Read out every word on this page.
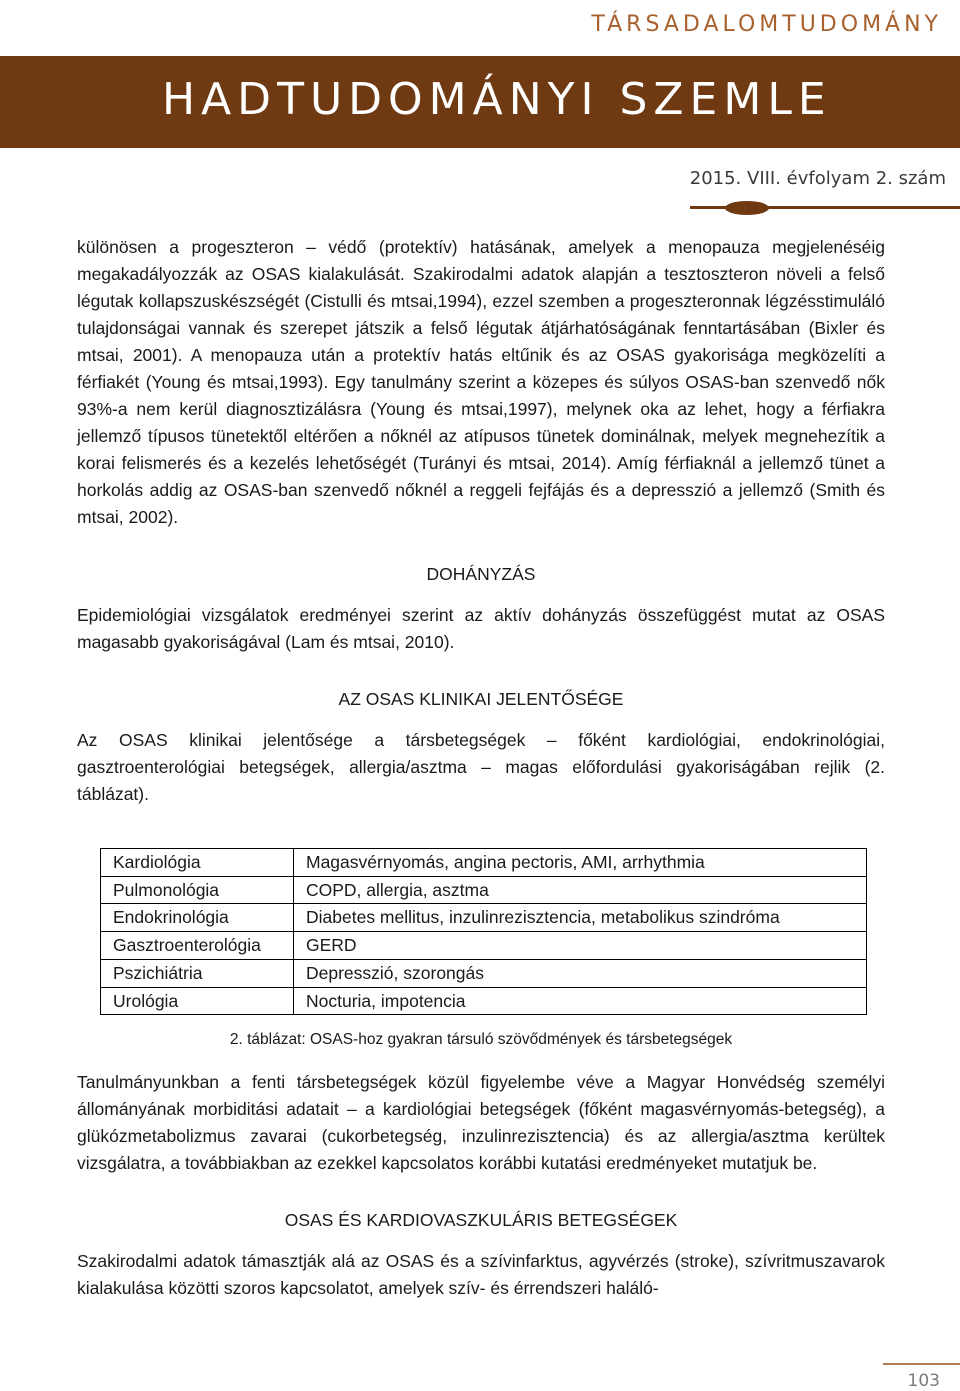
TÁRSADALOMTUDOMÁNY
HADTUDOMÁNYI SZEMLE
2015. VIII. évfolyam 2. szám

különösen a progeszteron – védő (protektív) hatásának, amelyek a menopauza megjelenéséig megakadályozzák az OSAS kialakulását. Szakirodalmi adatok alapján a tesztoszteron növeli a felső légutak kollapszuskészségét (Cistulli és mtsai,1994), ezzel szemben a progeszteronnak légzésstimuláló tulajdonságai vannak és szerepet játszik a felső légutak átjárhatóságának fenntartásában (Bixler és mtsai, 2001). A menopauza után a protektív hatás eltűnik és az OSAS gyakorisága megközelíti a férfiakét (Young és mtsai,1993). Egy tanulmány szerint a közepes és súlyos OSAS-ban szenvedő nők 93%-a nem kerül diagnosztizálásra (Young és mtsai,1997), melynek oka az lehet, hogy a férfiakra jellemző típusos tünetektől eltérően a nőknél az atípusos tünetek dominálnak, melyek megnehezítik a korai felismerés és a kezelés lehetőségét (Turányi és mtsai, 2014). Amíg férfiaknál a jellemző tünet a horkolás addig az OSAS-ban szenvedő nőknél a reggeli fejfájás és a depresszió a jellemző (Smith és mtsai, 2002).

DOHÁNYZÁS

Epidemiológiai vizsgálatok eredményei szerint az aktív dohányzás összefüggést mutat az OSAS magasabb gyakoriságával (Lam és mtsai, 2010).

AZ OSAS KLINIKAI JELENTŐSÉGE

Az OSAS klinikai jelentősége a társbetegségek – főként kardiológiai, endokrinológiai, gasztroenterológiai betegségek, allergia/asztma – magas előfordulási gyakoriságában rejlik (2. táblázat).

Kardiológia	Magasvérnyomás, angina pectoris, AMI, arrhythmia
Pulmonológia	COPD, allergia, asztma
Endokrinológia	Diabetes mellitus, inzulinrezisztencia, metabolikus szindróma
Gasztroenterológia	GERD
Pszichiátria	Depresszió, szorongás
Urológia	Nocturia, impotencia

2. táblázat: OSAS-hoz gyakran társuló szövődmények és társbetegségek

Tanulmányunkban a fenti társbetegségek közül figyelembe véve a Magyar Honvédség személyi állományának morbiditási adatait – a kardiológiai betegségek (főként magasvérnyomás-betegség), a glükózmetabolizmus zavarai (cukorbetegség, inzulinrezisztencia) és az allergia/asztma kerültek vizsgálatra, a továbbiakban az ezekkel kapcsolatos korábbi kutatási eredményeket mutatjuk be.

OSAS ÉS KARDIOVASZKULÁRIS BETEGSÉGEK

Szakirodalmi adatok támasztják alá az OSAS és a szívinfarktus, agyvérzés (stroke), szívritmuszavarok kialakulása közötti szoros kapcsolatot, amelyek szív- és érrendszeri haláló-

103
